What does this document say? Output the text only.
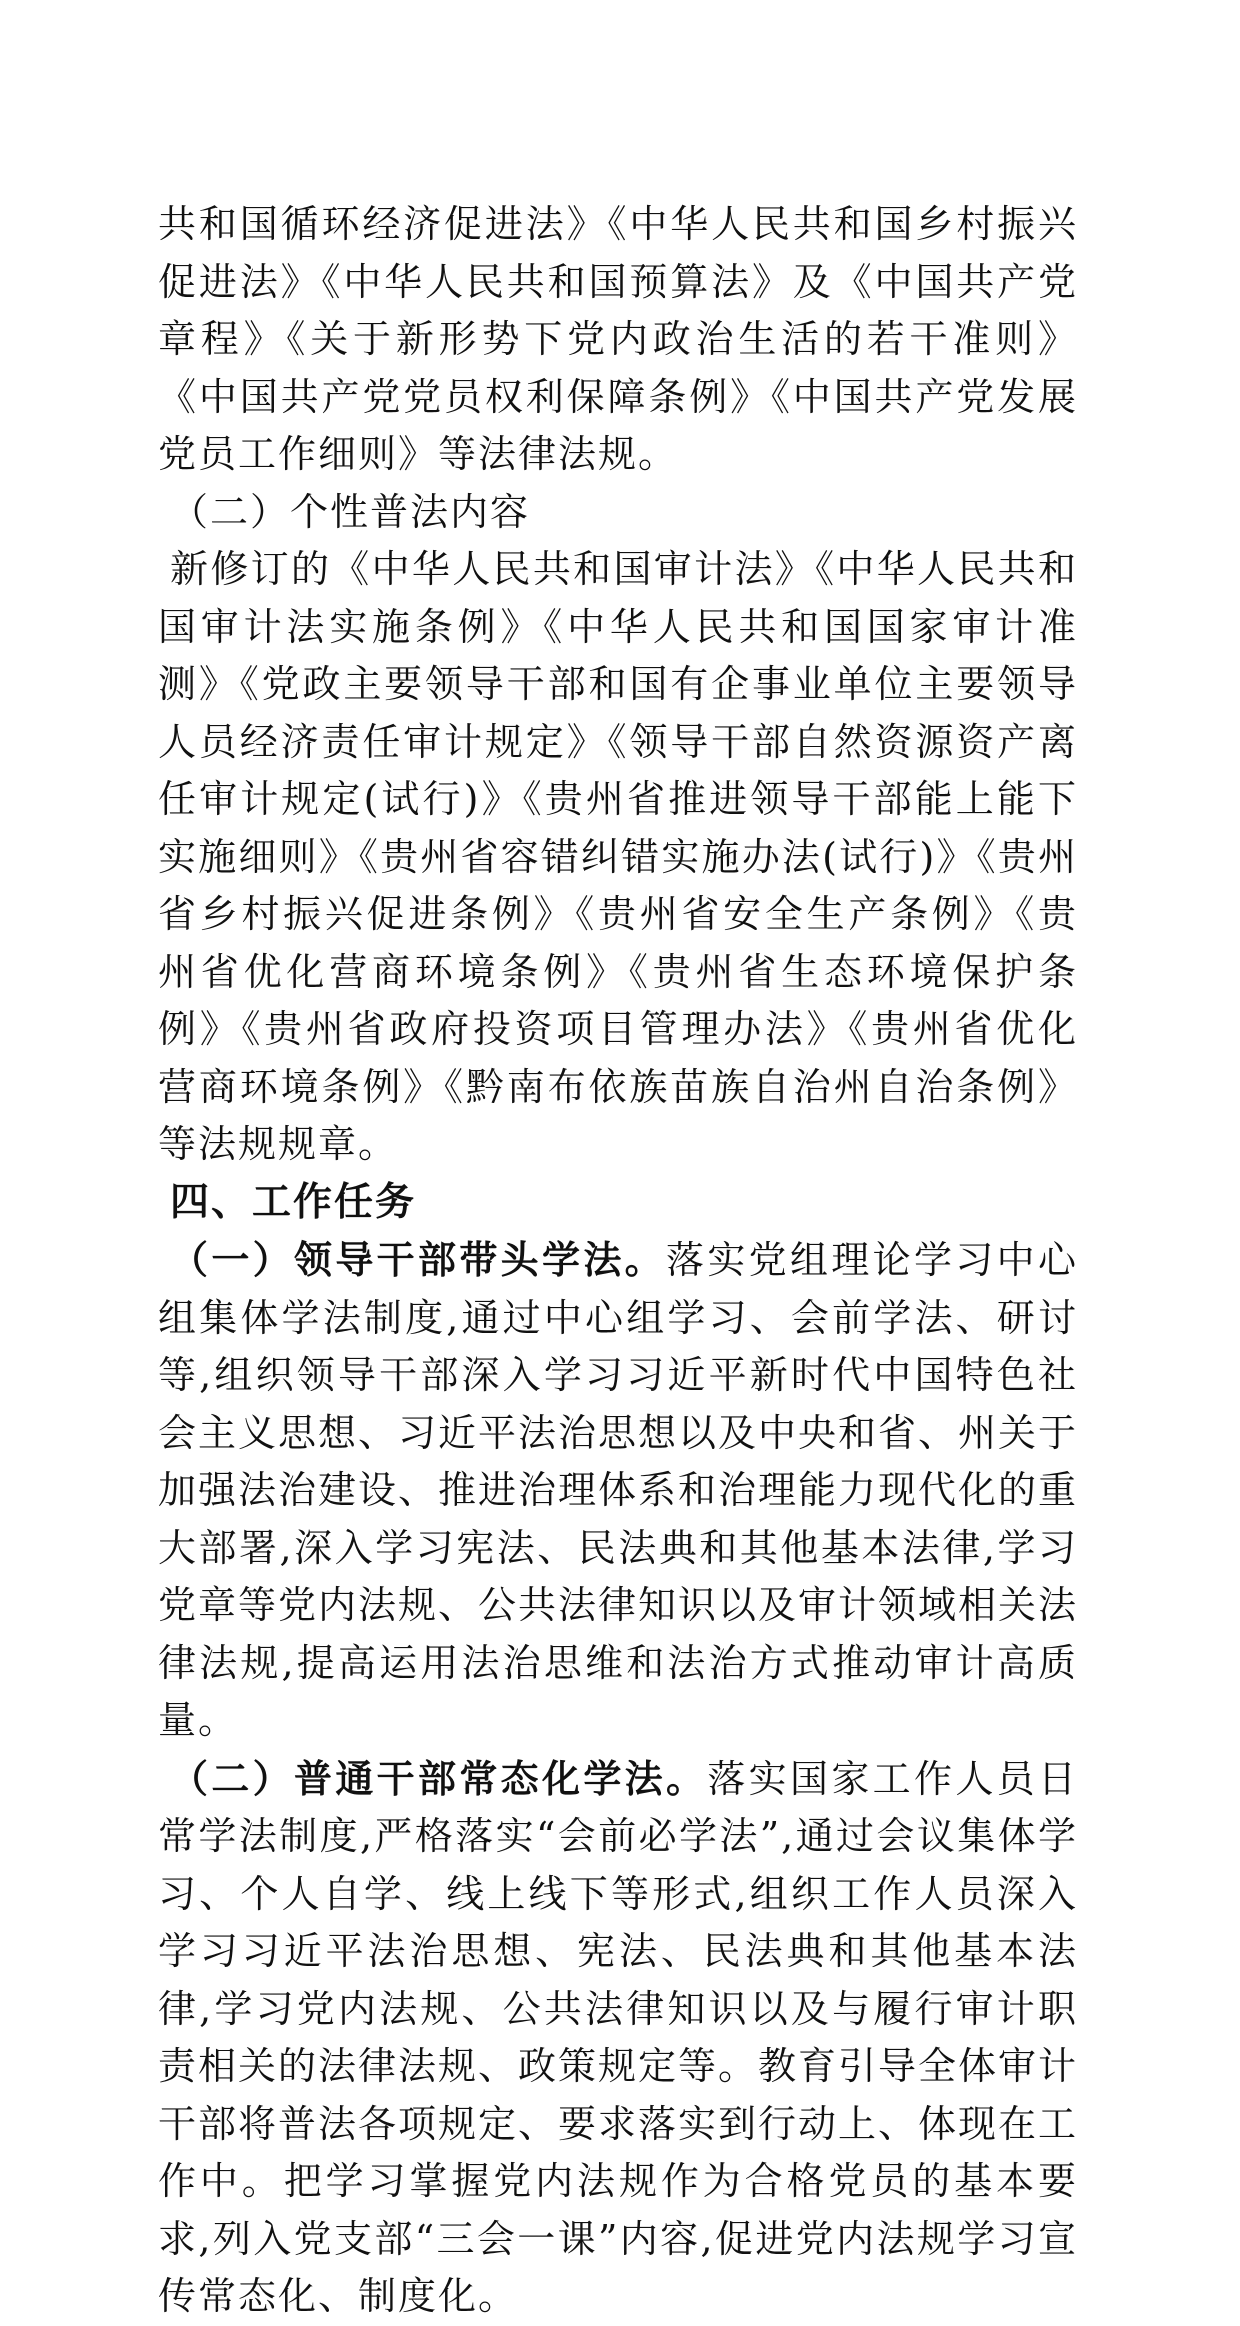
共和国循环经济促进法》《中华人民共和国乡村振兴促进法》《中华人民共和国预算法》及《中国共产党章程》《关于新形势下党内政治生活的若干准则》《中国共产党党员权利保障条例》《中国共产党发展党员工作细则》等法律法规。

（二）个性普法内容

新修订的《中华人民共和国审计法》《中华人民共和国审计法实施条例》《中华人民共和国国家审计准测》《党政主要领导干部和国有企事业单位主要领导人员经济责任审计规定》《领导干部自然资源资产离任审计规定(试行)》《贵州省推进领导干部能上能下实施细则》《贵州省容错纠错实施办法(试行)》《贵州省乡村振兴促进条例》《贵州省安全生产条例》《贵州省优化营商环境条例》《贵州省生态环境保护条例》《贵州省政府投资项目管理办法》《贵州省优化营商环境条例》《黔南布依族苗族自治州自治条例》等法规规章。

四、工作任务

（一）领导干部带头学法。落实党组理论学习中心组集体学法制度,通过中心组学习、会前学法、研讨等,组织领导干部深入学习习近平新时代中国特色社会主义思想、习近平法治思想以及中央和省、州关于加强法治建设、推进治理体系和治理能力现代化的重大部署,深入学习宪法、民法典和其他基本法律,学习党章等党内法规、公共法律知识以及审计领域相关法律法规,提高运用法治思维和法治方式推动审计高质量。

（二）普通干部常态化学法。落实国家工作人员日常学法制度,严格落实“会前必学法”,通过会议集体学习、个人自学、线上线下等形式,组织工作人员深入学习习近平法治思想、宪法、民法典和其他基本法律,学习党内法规、公共法律知识以及与履行审计职责相关的法律法规、政策规定等。教育引导全体审计干部将普法各项规定、要求落实到行动上、体现在工作中。把学习掌握党内法规作为合格党员的基本要求,列入党支部“三会一课”内容,促进党内法规学习宣传常态化、制度化。
